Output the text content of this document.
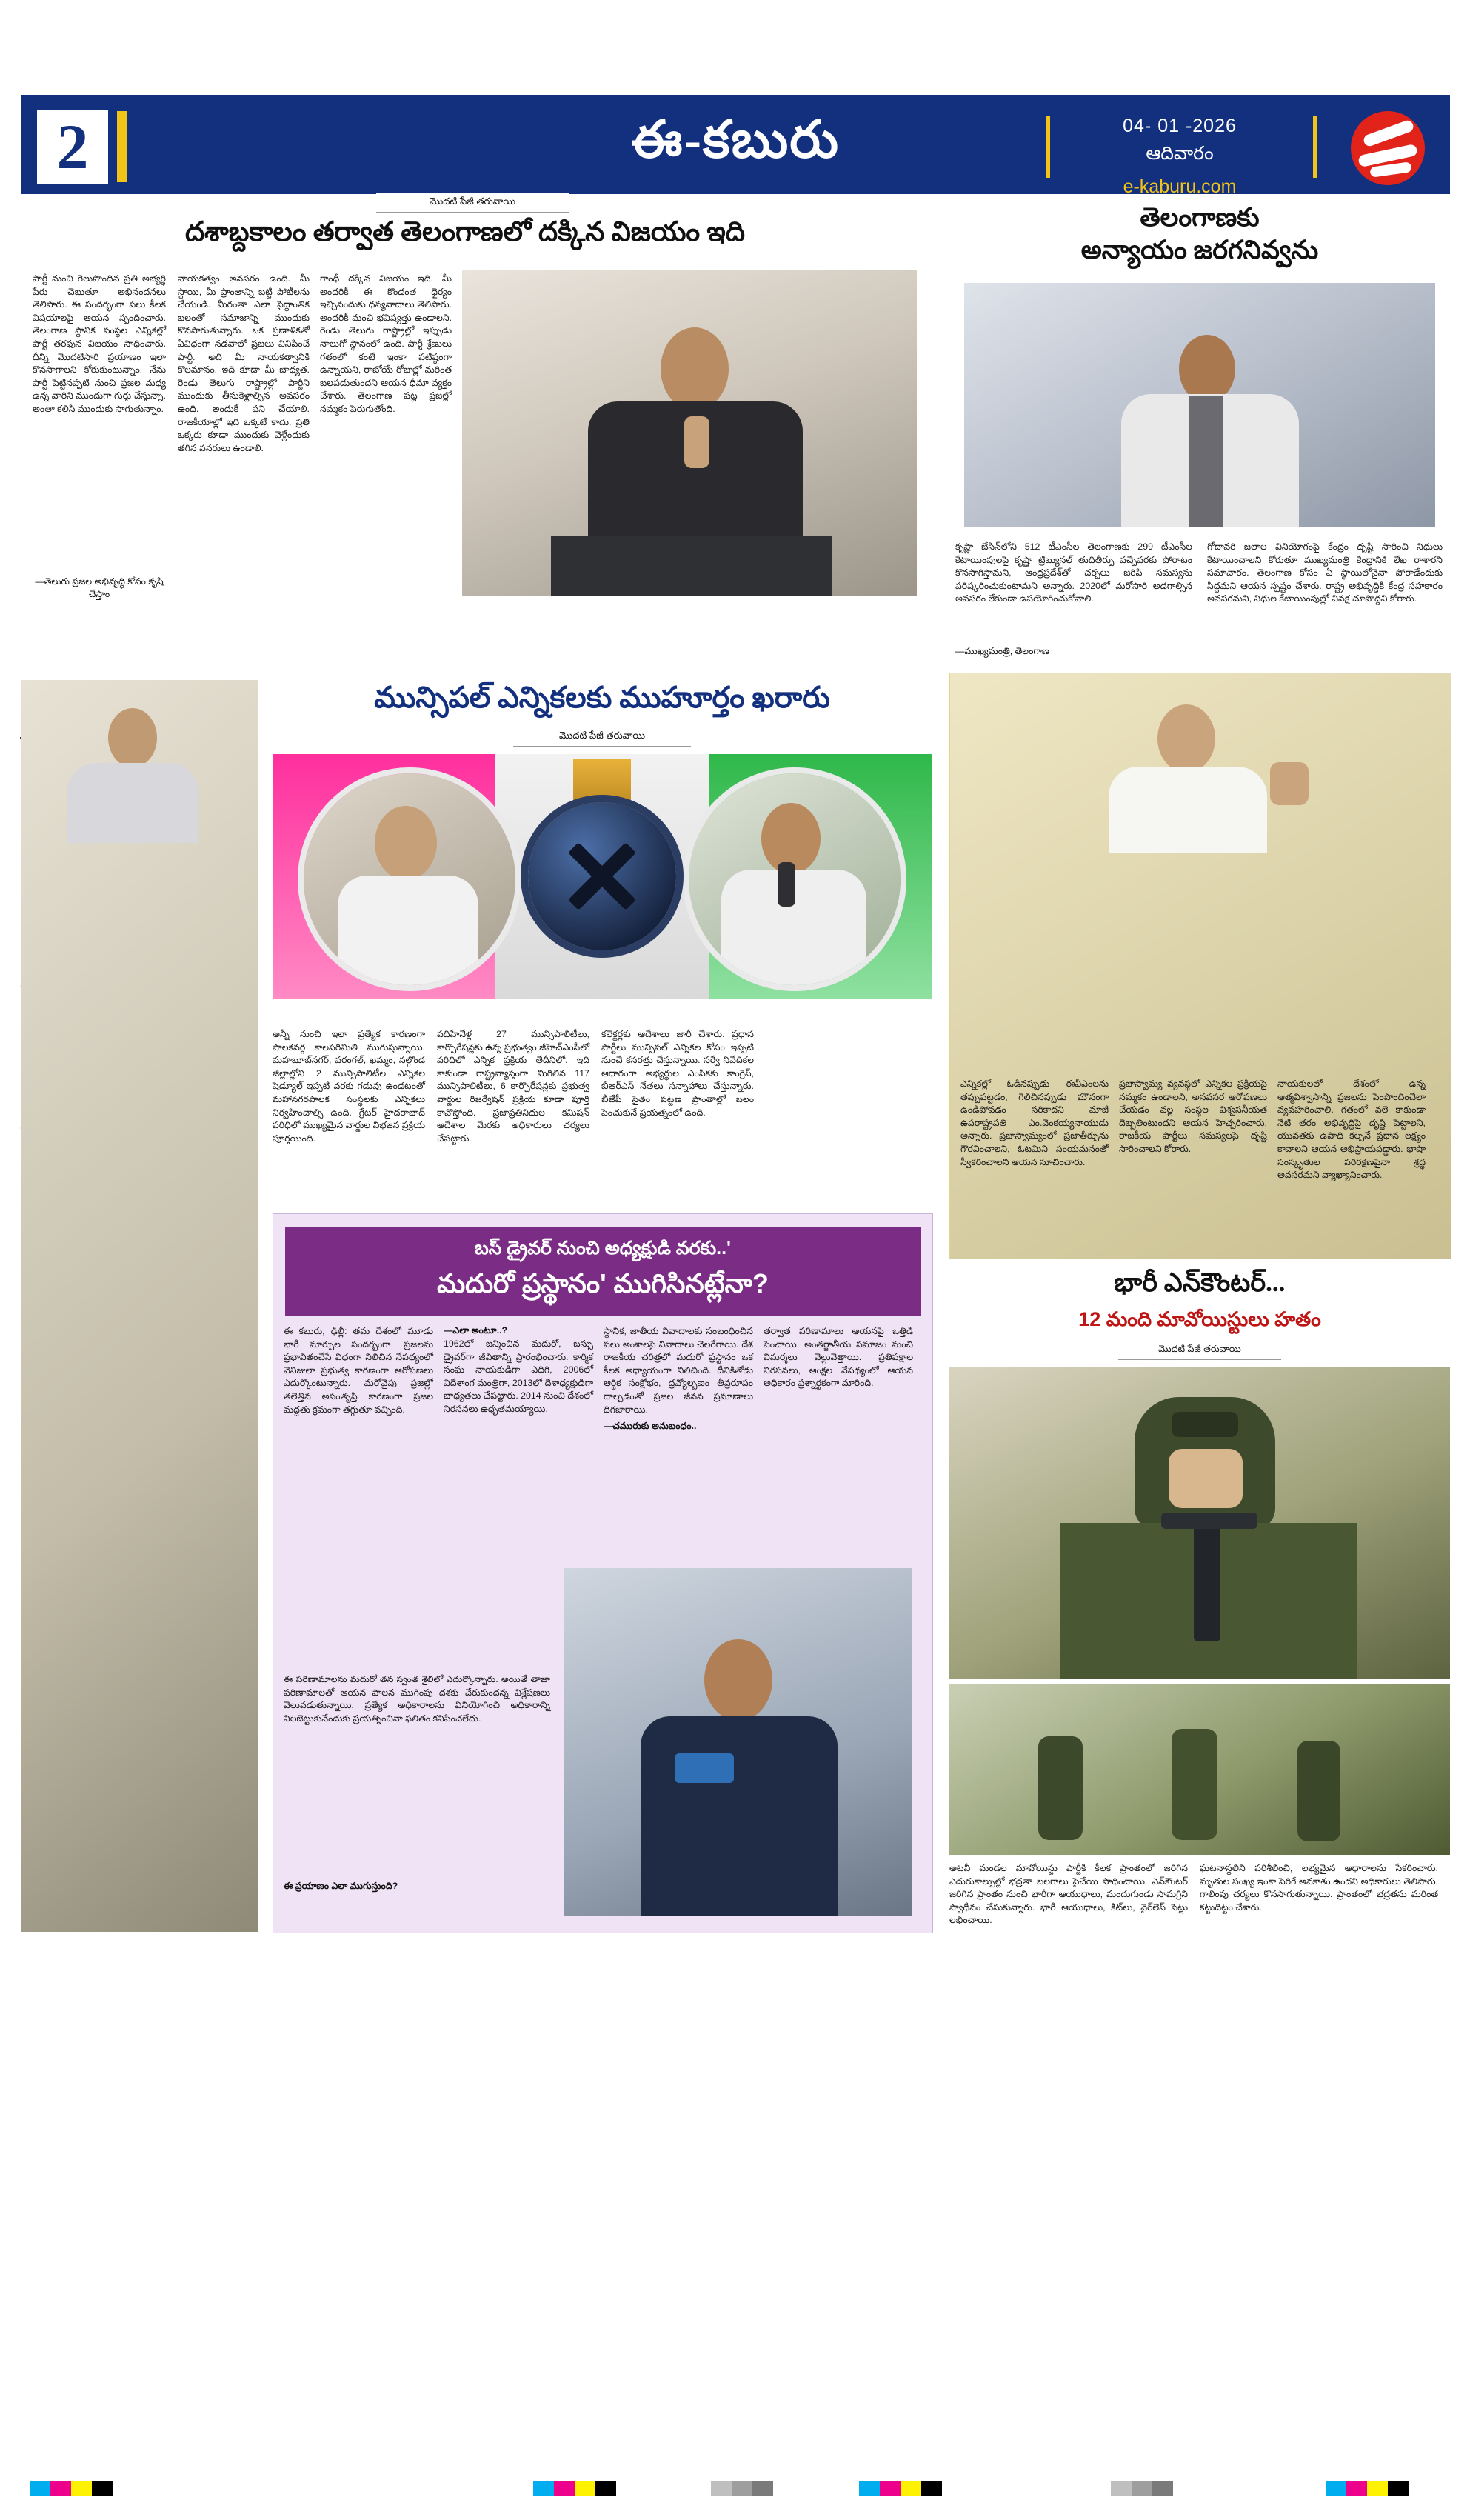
2	ఈ-కబురు	04- 01 -2026
ఆదివారం
e-kaburu.com
మొదటి పేజీ తరువాయి
దశాబ్దకాలం తర్వాత తెలంగాణలో దక్కిన విజయం ఇది
పార్టీ నుంచి గెలుపొందిన ప్రతి అభ్యర్థి పేరు చెబుతూ అభినందనలు తెలిపారు. ఈ సందర్భంగా పలు కీలక విషయాలపై ఆయన స్పందించారు. తెలంగాణ స్థానిక సంస్థల ఎన్నికల్లో పార్టీ తరఫున విజయం సాధించారు. దీన్ని మొదటిసారి ప్రయాణం ఇలా కొనసాగాలని కోరుకుంటున్నాం. నేను పార్టీ పెట్టినప్పటి నుంచి ప్రజల మధ్య ఉన్న వారిని ముందుగా గుర్తు చేస్తున్నా. అంతా కలిసి ముందుకు సాగుతున్నాం.
నాయకత్వం అవసరం ఉంది. మీ స్థాయి, మీ ప్రాంతాన్ని బట్టి పోటీలను చేయండి. మీరంతా ఎలా సైద్ధాంతిక బలంతో సమాజాన్ని ముందుకు కొనసాగుతున్నారు. ఒక ప్రణాళికతో ఏవిధంగా నడవాలో ప్రజలు వినిపించే పార్టీ. అది మీ నాయకత్వానికి కొలమానం. ఇది కూడా మీ బాధ్యత. రెండు తెలుగు రాష్ట్రాల్లో పార్టీని ముందుకు తీసుకెళ్లాల్సిన అవసరం ఉంది. అందుకే పని చేయాలి. రాజకీయాల్లో ఇది ఒక్కటే కాదు. ప్రతి ఒక్కరు కూడా ముందుకు వెళ్లేందుకు తగిన వనరులు ఉండాలి.
గాంధీ దక్కిన విజయం ఇది. మీ అందరికీ ఈ కొండంత ధైర్యం ఇచ్చినందుకు ధన్యవాదాలు తెలిపారు. అందరికీ మంచి భవిష్యత్తు ఉండాలని. రెండు తెలుగు రాష్ట్రాల్లో ఇప్పుడు నాలుగో స్థానంలో ఉంది. పార్టీ శ్రేణులు గతంలో కంటే ఇంకా పటిష్ఠంగా ఉన్నాయని, రాబోయే రోజుల్లో మరింత బలపడుతుందని ఆయన ధీమా వ్యక్తం చేశారు. తెలంగాణ పట్ల ప్రజల్లో నమ్మకం పెరుగుతోంది.
—తెలుగు ప్రజల అభివృద్ధి కోసం కృషి చేస్తాం
తెలంగాణకు
అన్యాయం జరగనివ్వను
కృష్ణా బేసిన్‌లోని 512 టీఎంసీల తెలంగాణకు 299 టీఎంసీల కేటాయింపులపై కృష్ణా ట్రిబ్యునల్ తుదితీర్పు వచ్చేవరకు పోరాటం కొనసాగిస్తామని, ఆంధ్రప్రదేశ్‌తో చర్చలు జరిపి సమస్యను పరిష్కరించుకుంటామని అన్నారు. 2020లో మరోసారి అడగాల్సిన అవసరం లేకుండా ఉపయోగించుకోవాలి.
గోదావరి జలాల వినియోగంపై కేంద్రం దృష్టి సారించి నిధులు కేటాయించాలని కోరుతూ ముఖ్యమంత్రి కేంద్రానికి లేఖ రాశారని సమాచారం. తెలంగాణ కోసం ఏ స్థాయిలోనైనా పోరాడేందుకు సిద్ధమని ఆయన స్పష్టం చేశారు. రాష్ట్ర అభివృద్ధికి కేంద్ర సహకారం అవసరమని, నిధుల కేటాయింపుల్లో వివక్ష చూపొద్దని కోరారు.
—ముఖ్యమంత్రి, తెలంగాణ
మున్సిపల్ ఎన్నికలకు ముహూర్తం ఖరారు
మొదటి పేజీ తరువాయి
అన్నీ నుంచి ఇలా ప్రత్యేక కారణంగా పాలకవర్గ కాలపరిమితి ముగుస్తున్నాయి. మహబూబ్‌నగర్, వరంగల్, ఖమ్మం, నల్గొండ జిల్లాల్లోని 2 మున్సిపాలిటీల ఎన్నికల షెడ్యూల్ ఇప్పటి వరకు గడువు ఉండటంతో మహానగరపాలక సంస్థలకు ఎన్నికలు నిర్వహించాల్సి ఉంది. గ్రేటర్ హైదరాబాద్ పరిధిలో ముఖ్యమైన వార్డుల విభజన ప్రక్రియ పూర్తయింది.
పదిహేనేళ్ల 27 మున్సిపాలిటీలు, కార్పొరేషన్లకు ఉన్న ప్రభుత్వం జీహెచ్ఎంసీలో పరిధిలో ఎన్నిక ప్రక్రియ తేదీనిలో. ఇది కాకుండా రాష్ట్రవ్యాప్తంగా మిగిలిన 117 మున్సిపాలిటీలు, 6 కార్పొరేషన్లకు ప్రభుత్వ వార్డుల రిజర్వేషన్ ప్రక్రియ కూడా పూర్తి కావొస్తోంది. ప్రజాప్రతినిధుల కమిషన్ ఆదేశాల మేరకు అధికారులు చర్యలు చేపట్టారు.
కలెక్టర్లకు ఆదేశాలు జారీ చేశారు. ప్రధాన పార్టీలు మున్సిపల్ ఎన్నికల కోసం ఇప్పటి నుంచే కసరత్తు చేస్తున్నాయి. సర్వే నివేదికల ఆధారంగా అభ్యర్థుల ఎంపికకు కాంగ్రెస్, బీఆర్ఎస్ నేతలు సన్నాహాలు చేస్తున్నారు. బీజేపీ సైతం పట్టణ ప్రాంతాల్లో బలం పెంచుకునే ప్రయత్నంలో ఉంది.
బస్ డ్రైవర్ నుంచి అధ్యక్షుడి వరకు..'
మదురో ప్రస్థానం' ముగిసినట్లేనా?
ఈ కబురు, ఢిల్లీ: తమ దేశంలో మూడు భారీ మార్పుల సందర్భంగా, ప్రజలను ప్రభావితంచేసే విధంగా నిలిచిన నేపథ్యంలో వెనిజులా ప్రభుత్వ కారణంగా ఆరోపణలు ఎదుర్కొంటున్నారు. మరోవైపు ప్రజల్లో తలెత్తిన అసంతృప్తి కారణంగా ప్రజల మద్దతు క్రమంగా తగ్గుతూ వచ్చింది.
—ఎలా అంటూ..?
1962లో జన్మించిన మదురో, బస్సు డ్రైవర్‌గా జీవితాన్ని ప్రారంభించారు. కార్మిక సంఘ నాయకుడిగా ఎదిగి, 2006లో విదేశాంగ మంత్రిగా, 2013లో దేశాధ్యక్షుడిగా బాధ్యతలు చేపట్టారు. 2014 నుంచి దేశంలో నిరసనలు ఉధృతమయ్యాయి.
స్థానిక, జాతీయ వివాదాలకు సంబంధించిన పలు అంశాలపై వివాదాలు చెలరేగాయి. దేశ రాజకీయ చరిత్రలో మదురో ప్రస్థానం ఒక కీలక అధ్యాయంగా నిలిచింది. దీనికితోడు ఆర్థిక సంక్షోభం, ద్రవ్యోల్బణం తీవ్రరూపం దాల్చడంతో ప్రజల జీవన ప్రమాణాలు దిగజారాయి.
—చమురుకు అనుబంధం..
తర్వాత పరిణామాలు ఆయనపై ఒత్తిడి పెంచాయి. అంతర్జాతీయ సమాజం నుంచి విమర్శలు వెల్లువెత్తాయి. ప్రతిపక్షాల నిరసనలు, ఆంక్షల నేపథ్యంలో ఆయన అధికారం ప్రశ్నార్థకంగా మారింది.
ఈ పరిణామాలను మదురో తన స్వంత శైలిలో ఎదుర్కొన్నారు. అయితే తాజా పరిణామాలతో ఆయన పాలన ముగింపు దశకు చేరుకుందన్న విశ్లేషణలు వెలువడుతున్నాయి. ప్రత్యేక అధికారాలను వినియోగించి అధికారాన్ని నిలబెట్టుకునేందుకు ప్రయత్నించినా ఫలితం కనిపించలేదు.
ఈ ప్రయాణం ఎలా ముగుస్తుంది?
ఎన్నికల్లో ఓడినప్పుడు ఈవీఎంలను తప్పుపట్టడం, గెలిచినప్పుడు మౌనంగా ఉండిపోవడం సరికాదని మాజీ ఉపరాష్ట్రపతి ఎం.వెంకయ్యనాయుడు అన్నారు. ప్రజాస్వామ్యంలో ప్రజాతీర్పును గౌరవించాలని, ఓటమిని సంయమనంతో స్వీకరించాలని ఆయన సూచించారు.
ప్రజాస్వామ్య వ్యవస్థలో ఎన్నికల ప్రక్రియపై నమ్మకం ఉండాలని, అనవసర ఆరోపణలు చేయడం వల్ల సంస్థల విశ్వసనీయత దెబ్బతింటుందని ఆయన హెచ్చరించారు. రాజకీయ పార్టీలు సమస్యలపై దృష్టి సారించాలని కోరారు.
నాయకులలో దేశంలో ఉన్న ఆత్మవిశ్వాసాన్ని ప్రజలను పెంపొందించేలా వ్యవహరించాలి. గతంలో వలె కాకుండా నేటి తరం అభివృద్ధిపై దృష్టి పెట్టాలని, యువతకు ఉపాధి కల్పనే ప్రధాన లక్ష్యం కావాలని ఆయన అభిప్రాయపడ్డారు. భాషా సంస్కృతుల పరిరక్షణపైనా శ్రద్ధ అవసరమని వ్యాఖ్యానించారు.
భారీ ఎన్‌కౌంటర్...
12 మంది మావోయిస్టులు హతం
మొదటి పేజీ తరువాయి
అటవీ మండల మావోయిస్టు పార్టీకి కీలక ప్రాంతంలో జరిగిన ఎదురుకాల్పుల్లో భద్రతా బలగాలు పైచేయి సాధించాయి. ఎన్‌కౌంటర్ జరిగిన ప్రాంతం నుంచి భారీగా ఆయుధాలు, మందుగుండు సామగ్రిని స్వాధీనం చేసుకున్నారు. భారీ ఆయుధాలు, కిట్‌లు, వైర్‌లెస్ సెట్లు లభించాయి.
ఘటనాస్థలిని పరిశీలించి, లభ్యమైన ఆధారాలను సేకరించారు. మృతుల సంఖ్య ఇంకా పెరిగే అవకాశం ఉందని అధికారులు తెలిపారు. గాలింపు చర్యలు కొనసాగుతున్నాయి. ప్రాంతంలో భద్రతను మరింత కట్టుదిట్టం చేశారు.
